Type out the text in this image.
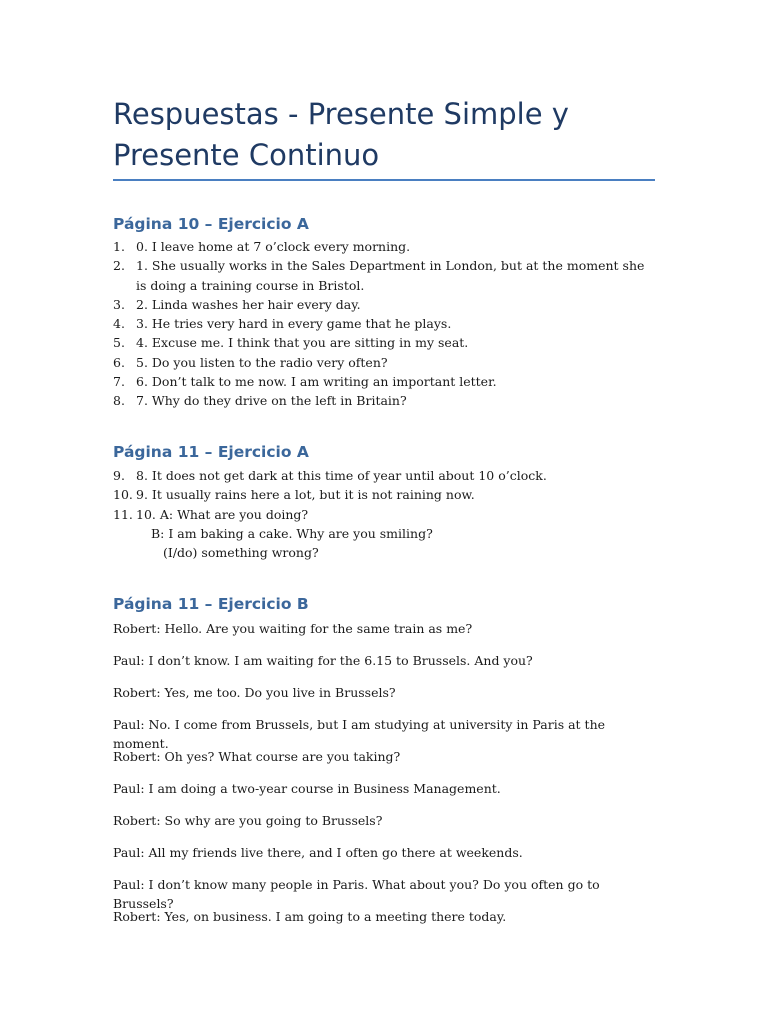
Respuestas - Presente Simple y Presente Continuo
Página 10 – Ejercicio A
1. 0. I leave home at 7 o’clock every morning.
2. 1. She usually works in the Sales Department in London, but at the moment she is doing a training course in Bristol.
3. 2. Linda washes her hair every day.
4. 3. He tries very hard in every game that he plays.
5. 4. Excuse me. I think that you are sitting in my seat.
6. 5. Do you listen to the radio very often?
7. 6. Don’t talk to me now. I am writing an important letter.
8. 7. Why do they drive on the left in Britain?
Página 11 – Ejercicio A
9. 8. It does not get dark at this time of year until about 10 o’clock.
10. 9. It usually rains here a lot, but it is not raining now.
11. 10. A: What are you doing?
B: I am baking a cake. Why are you smiling?
(I/do) something wrong?
Página 11 – Ejercicio B

Robert: Hello. Are you waiting for the same train as me?

Paul: I don’t know. I am waiting for the 6.15 to Brussels. And you?

Robert: Yes, me too. Do you live in Brussels?

Paul: No. I come from Brussels, but I am studying at university in Paris at the moment.

Robert: Oh yes? What course are you taking?

Paul: I am doing a two-year course in Business Management.

Robert: So why are you going to Brussels?

Paul: All my friends live there, and I often go there at weekends.

Paul: I don’t know many people in Paris. What about you? Do you often go to Brussels?

Robert: Yes, on business. I am going to a meeting there today.
